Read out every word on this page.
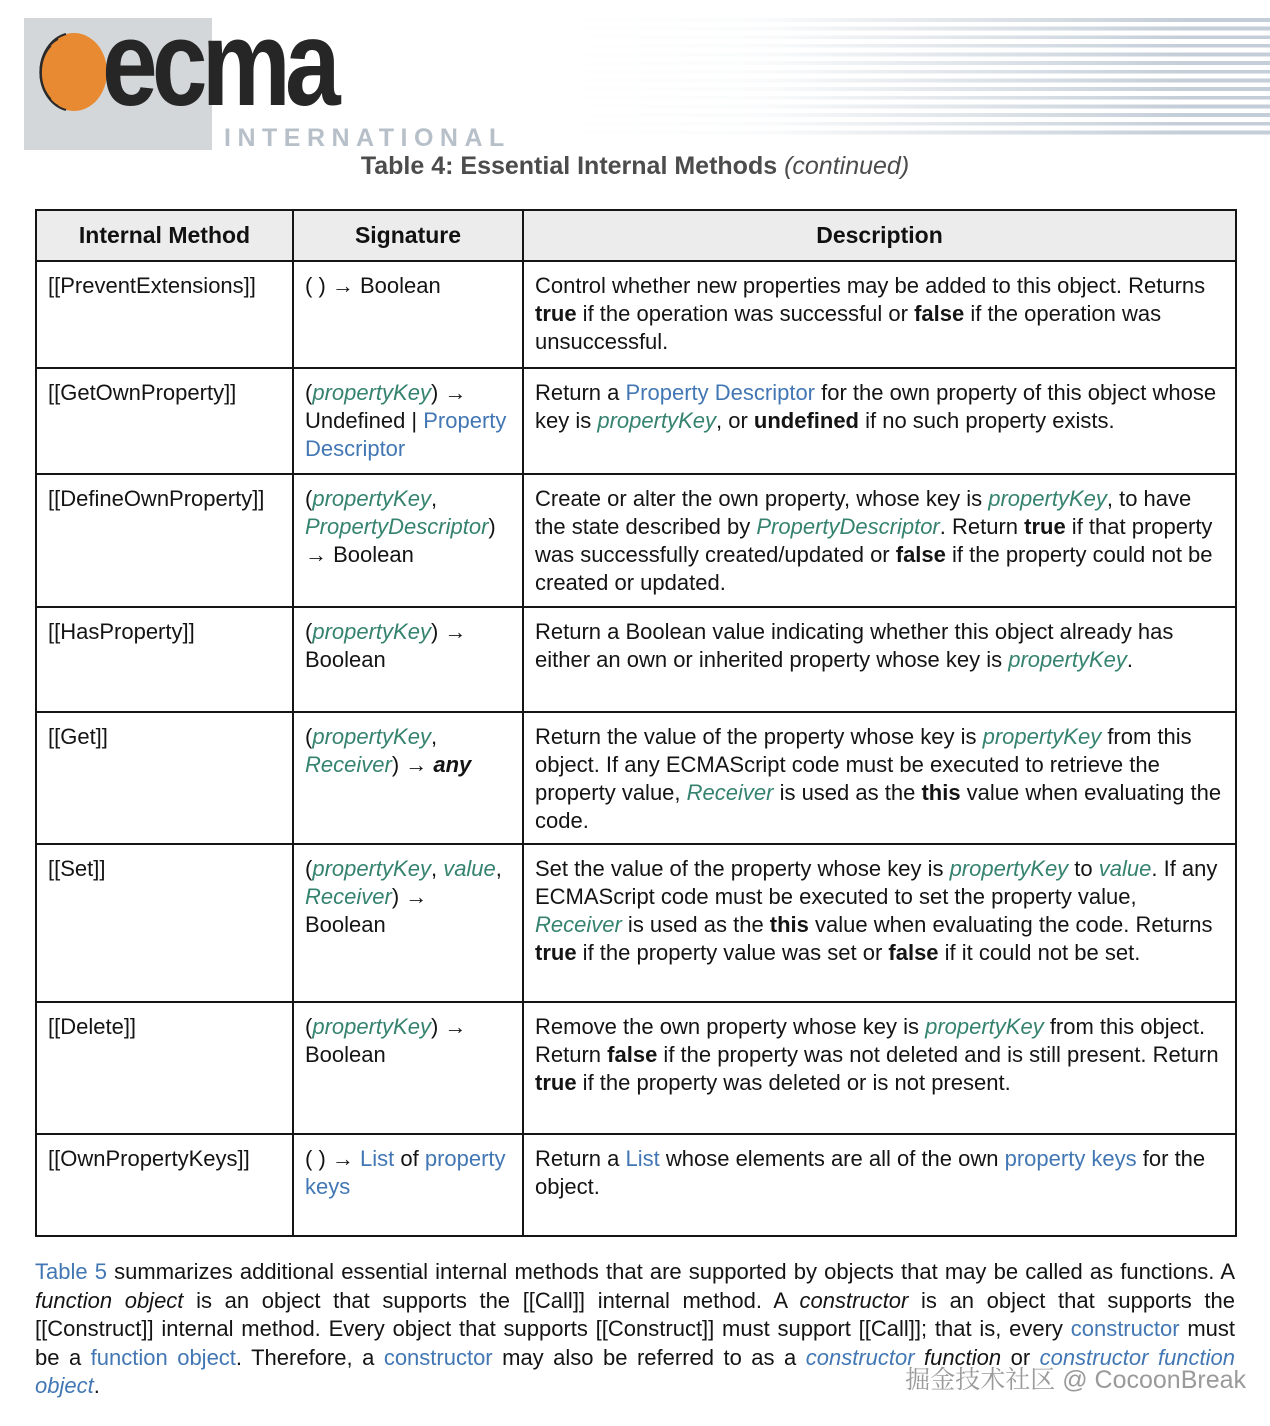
ecma
INTERNATIONAL
Table 4: Essential Internal Methods (continued)
Internal Method	Signature	Description
[[PreventExtensions]]	( ) → Boolean	Control whether new properties may be added to this object. Returns true if the operation was successful or false if the operation was unsuccessful.
[[GetOwnProperty]]	(propertyKey) → Undefined | Property Descriptor	Return a Property Descriptor for the own property of this object whose key is propertyKey, or undefined if no such property exists.
[[DefineOwnProperty]]	(propertyKey, PropertyDescriptor) → Boolean	Create or alter the own property, whose key is propertyKey, to have the state described by PropertyDescriptor. Return true if that property was successfully created/updated or false if the property could not be created or updated.
[[HasProperty]]	(propertyKey) → Boolean	Return a Boolean value indicating whether this object already has either an own or inherited property whose key is propertyKey.
[[Get]]	(propertyKey, Receiver) → any	Return the value of the property whose key is propertyKey from this object. If any ECMAScript code must be executed to retrieve the property value, Receiver is used as the this value when evaluating the code.
[[Set]]	(propertyKey, value, Receiver) → Boolean	Set the value of the property whose key is propertyKey to value. If any ECMAScript code must be executed to set the property value, Receiver is used as the this value when evaluating the code. Returns true if the property value was set or false if it could not be set.
[[Delete]]	(propertyKey) → Boolean	Remove the own property whose key is propertyKey from this object. Return false if the property was not deleted and is still present. Return true if the property was deleted or is not present.
[[OwnPropertyKeys]]	( ) → List of property keys	Return a List whose elements are all of the own property keys for the object.

Table 5 summarizes additional essential internal methods that are supported by objects that may be called as functions. A function object is an object that supports the [[Call]] internal method. A constructor is an object that supports the [[Construct]] internal method. Every object that supports [[Construct]] must support [[Call]]; that is, every constructor must be a function object. Therefore, a constructor may also be referred to as a constructor function or constructor function object.	掘金技术社区 @ CocoonBreak
